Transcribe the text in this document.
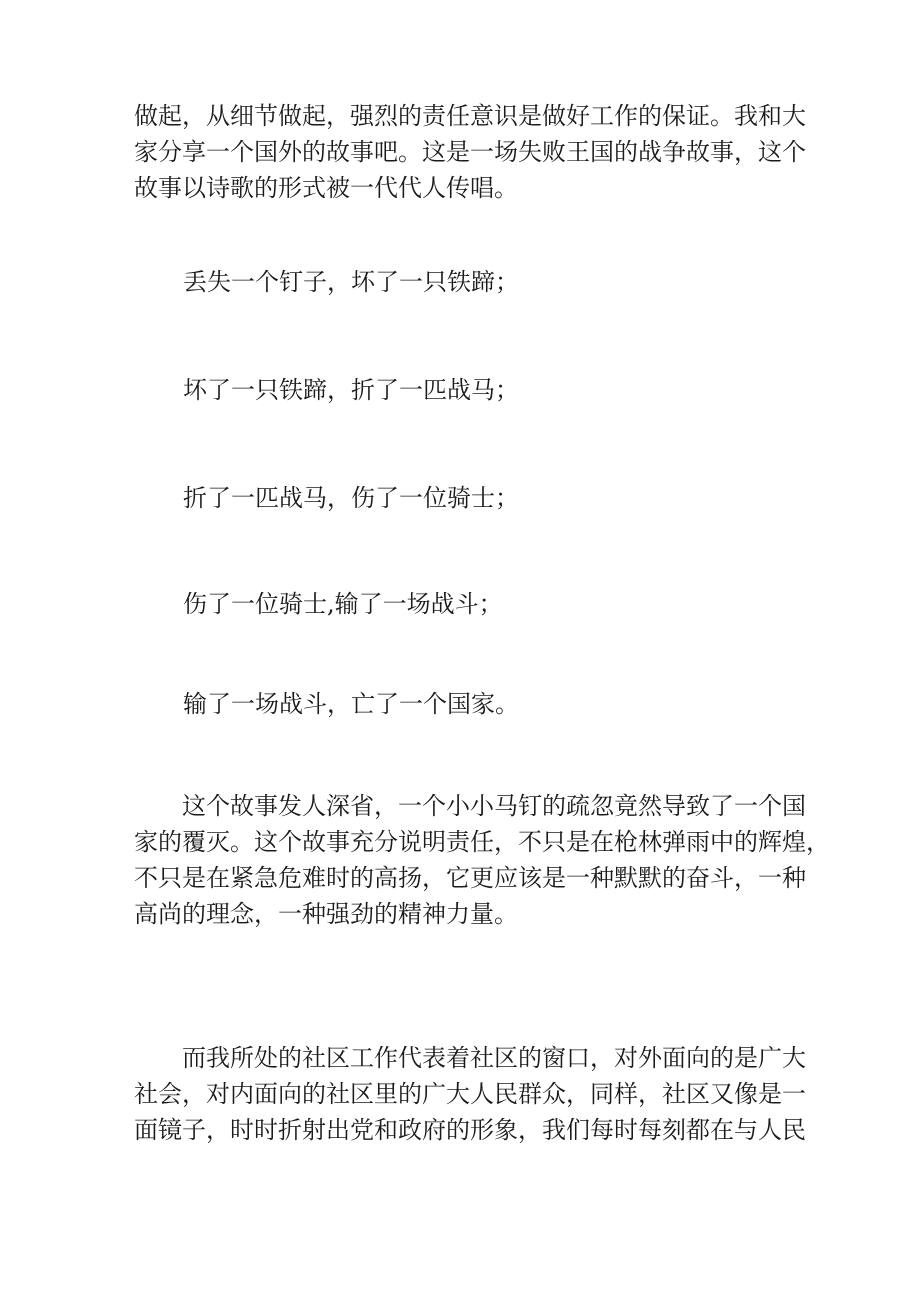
做起，从细节做起，强烈的责任意识是做好工作的保证。我和大
家分享一个国外的故事吧。这是一场失败王国的战争故事，这个
故事以诗歌的形式被一代代人传唱。

丢失一个钉子，坏了一只铁蹄；

坏了一只铁蹄，折了一匹战马；

折了一匹战马，伤了一位骑士；

伤了一位骑士,输了一场战斗；

输了一场战斗，亡了一个国家。

这个故事发人深省，一个小小马钉的疏忽竟然导致了一个国
家的覆灭。这个故事充分说明责任，不只是在枪林弹雨中的辉煌，
不只是在紧急危难时的高扬，它更应该是一种默默的奋斗，一种
高尚的理念，一种强劲的精神力量。
而我所处的社区工作代表着社区的窗口，对外面向的是广大
社会，对内面向的社区里的广大人民群众，同样，社区又像是一
面镜子，时时折射出党和政府的形象，我们每时每刻都在与人民
